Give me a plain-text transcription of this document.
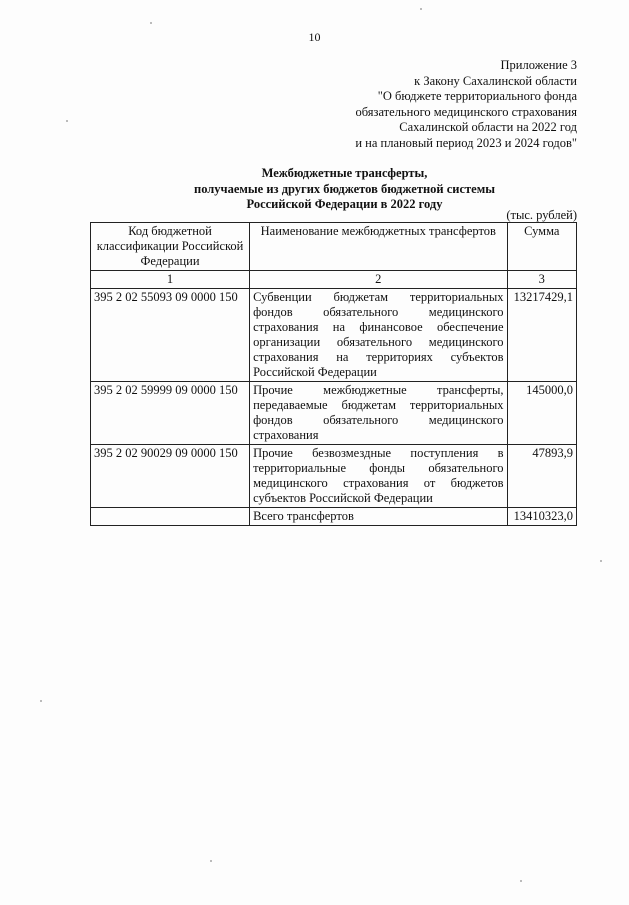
10
Приложение 3
к Закону Сахалинской области
"О бюджете территориального фонда
обязательного медицинского страхования
Сахалинской области на 2022 год
и на плановый период 2023 и 2024 годов"
Межбюджетные трансферты,
получаемые из других бюджетов бюджетной системы
Российской Федерации в 2022 году
(тыс. рублей)
Код бюджетной классификации Российской Федерации	Наименование межбюджетных трансфертов	Сумма
1	2	3
395 2 02 55093 09 0000 150	Субвенции бюджетам территориальных фондов обязательного медицинского страхования на финансовое обеспечение организации обязательного медицинского страхования на территориях субъектов Российской Федерации	13217429,1
395 2 02 59999 09 0000 150	Прочие межбюджетные трансферты, передаваемые бюджетам территориальных фондов обязательного медицинского страхования	145000,0
395 2 02 90029 09 0000 150	Прочие безвозмездные поступления в территориальные фонды обязательного медицинского страхования от бюджетов субъектов Российской Федерации	47893,9
	Всего трансфертов	13410323,0
